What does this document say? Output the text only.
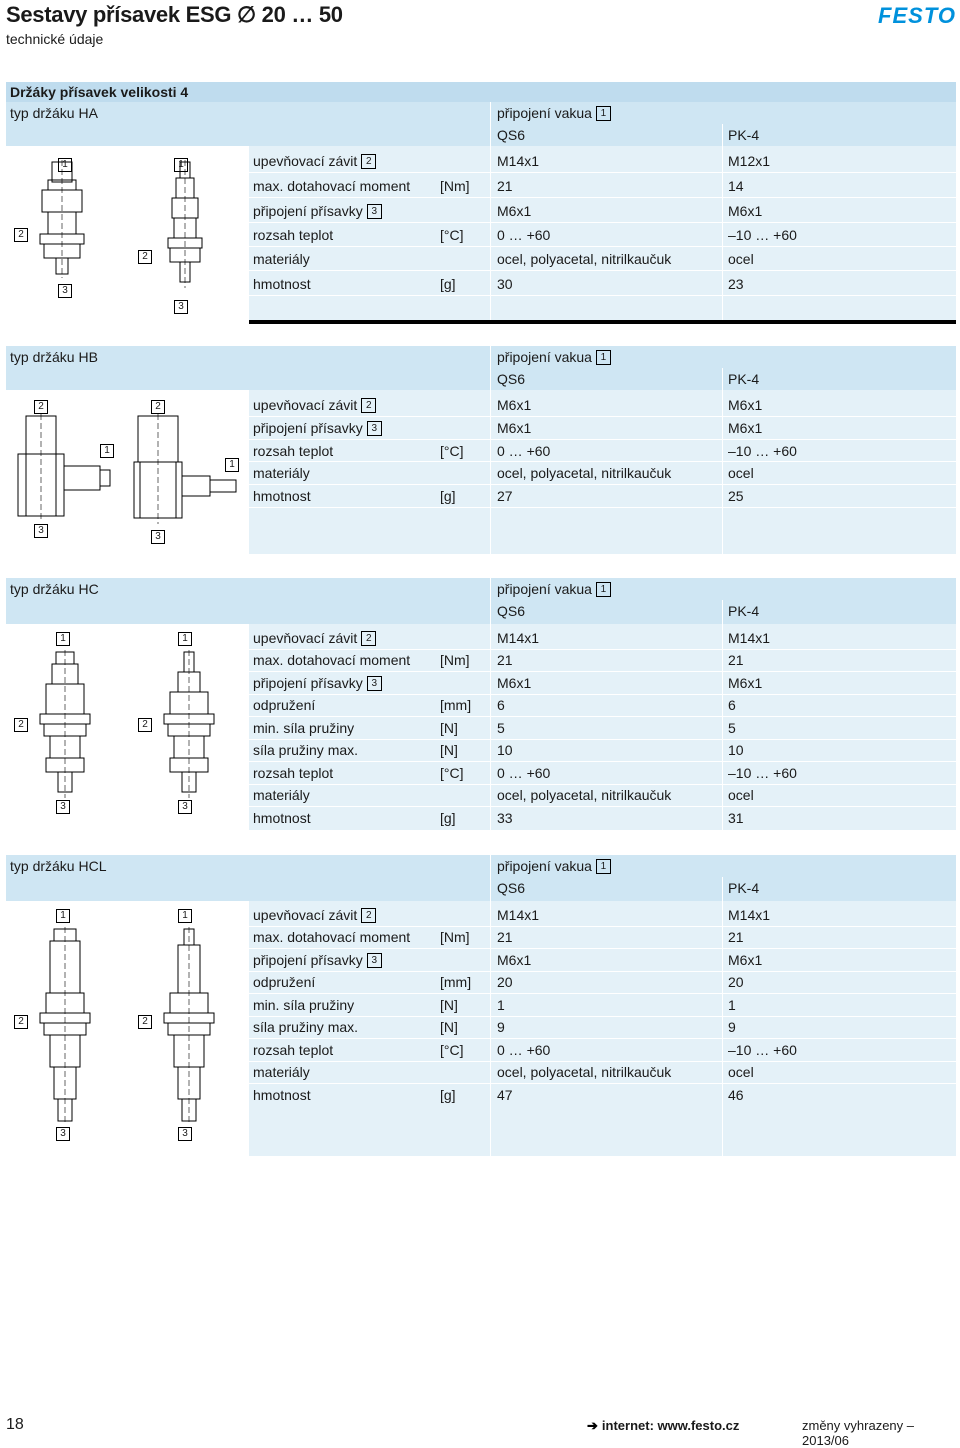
Sestavy přísavek ESG ∅ 20 … 50
technické údaje
FESTO
Držáky přísavek velikosti 4
typ držáku HA	připojení vakua 1
QS6	PK-4
upevňovací závit 2	M14x1	M12x1
max. dotahovací moment [Nm] 21	14
připojení přísavky 3	M6x1	M6x1
rozsah teplot	[°C] 0 … +60	–10 … +60
materiály	ocel, polyacetal, nitrilkaučuk	ocel
hmotnost	[g]	30	23
1	1
2
2
3
3
typ držáku HB	připojení vakua 1
QS6	PK-4
upevňovací závit 2	M6x1	M6x1
připojení přísavky 3	M6x1	M6x1
rozsah teplot	[°C] 0 … +60	–10 … +60
materiály	ocel, polyacetal, nitrilkaučuk	ocel
hmotnost	[g]	27	25
2	2
1
1
3
3
typ držáku HC	připojení vakua 1
QS6	PK-4
upevňovací závit 2	M14x1	M14x1
max. dotahovací moment [Nm] 21	21
připojení přísavky 3	M6x1	M6x1
odpružení	[mm] 6	6
min. síla pružiny	[N]	5	5
síla pružiny max.	[N]	10	10
rozsah teplot	[°C] 0 … +60	–10 … +60
materiály	ocel, polyacetal, nitrilkaučuk	ocel
hmotnost	[g]	33	31
1	1
2	2
3	3
typ držáku HCL	připojení vakua 1
QS6	PK-4
upevňovací závit 2	M14x1	M14x1
max. dotahovací moment [Nm] 21	21
připojení přísavky 3	M6x1	M6x1
odpružení	[mm] 20	20
min. síla pružiny	[N]	1	1
síla pružiny max.	[N]	9	9
rozsah teplot	[°C] 0 … +60	–10 … +60
materiály	ocel, polyacetal, nitrilkaučuk	ocel
hmotnost	[g]	47	46
1	1
2	2
3	3
18	➔ internet: www.festo.cz	změny vyhrazeny – 2013/06
